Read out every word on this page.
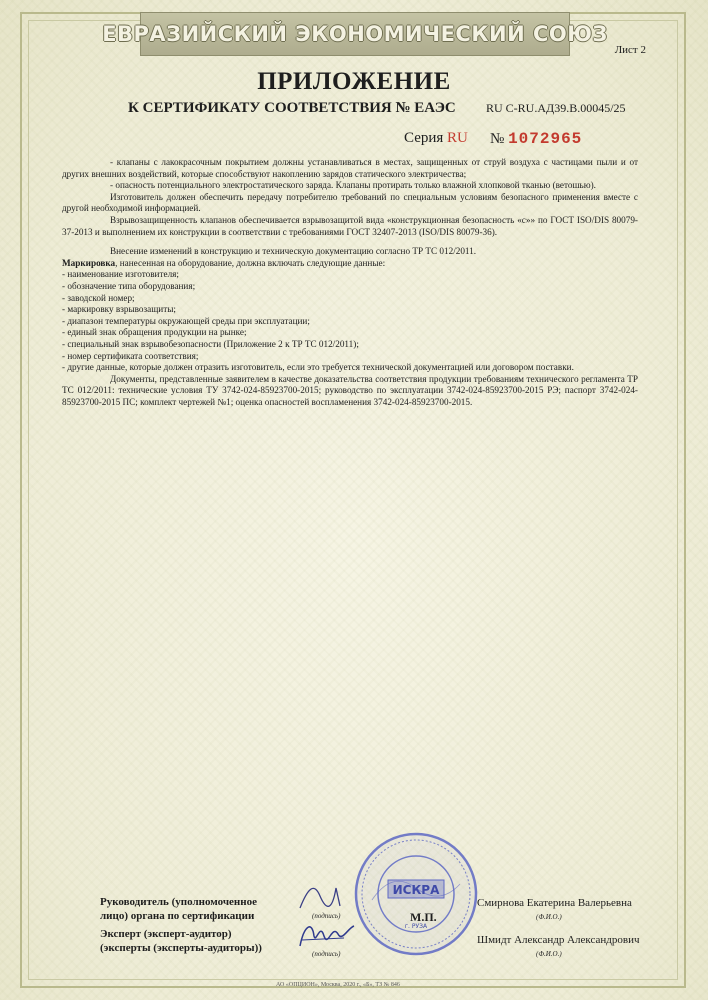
ЕВРАЗИЙСКИЙ ЭКОНОМИЧЕСКИЙ СОЮЗ
Лист 2
ПРИЛОЖЕНИЕ
К СЕРТИФИКАТУ СООТВЕТСТВИЯ № ЕАЭС	RU С-RU.АД39.В.00045/25
Серия RU № 1072965

- клапаны с лакокрасочным покрытием должны устанавливаться в местах, защищенных от струй воздуха с частицами пыли и от других внешних воздействий, которые способствуют накоплению зарядов статического электричества;

- опасность потенциального электростатического заряда. Клапаны протирать только влажной хлопковой тканью (ветошью).

Изготовитель должен обеспечить передачу потребителю требований по специальным условиям безопасного применения вместе с другой необходимой информацией.

Взрывозащищенность клапанов обеспечивается взрывозащитой вида «конструкционная безопасность «c»» по ГОСТ ISO/DIS 80079-37-2013 и выполнением их конструкции в соответствии с требованиями ГОСТ 32407-2013 (ISO/DIS 80079-36).

Внесение изменений в конструкцию и техническую документацию согласно ТР ТС 012/2011.

Маркировка, нанесенная на оборудование, должна включать следующие данные:

- наименование изготовителя;

- обозначение типа оборудования;

- заводской номер;

- маркировку взрывозащиты;

- диапазон температуры окружающей среды при эксплуатации;

- единый знак обращения продукции на рынке;

- специальный знак взрывобезопасности (Приложение 2 к ТР ТС 012/2011);

- номер сертификата соответствия;

- другие данные, которые должен отразить изготовитель, если это требуется технической документацией или договором поставки.

Документы, представленные заявителем в качестве доказательства соответствия продукции требованиям технического регламента ТР ТС 012/2011: технические условия ТУ 3742-024-85923700-2015; руководство по эксплуатации 3742-024-85923700-2015 РЭ; паспорт 3742-024-85923700-2015 ПС; комплект чертежей №1; оценка опасностей воспламенения 3742-024-85923700-2015.

ИСКРА
г. РУЗА
Руководитель (уполномоченное
лицо) органа по сертификации
Эксперт (эксперт-аудитор)
(эксперты (эксперты-аудиторы))
(подпись)
(подпись)
Смирнова Екатерина Валерьевна
(Ф.И.О.)
Шмидт Александр Александрович
(Ф.И.О.)
М.П.
АО «ОПЦИОН», Москва, 2020 г., «Б», ТЗ № 846
